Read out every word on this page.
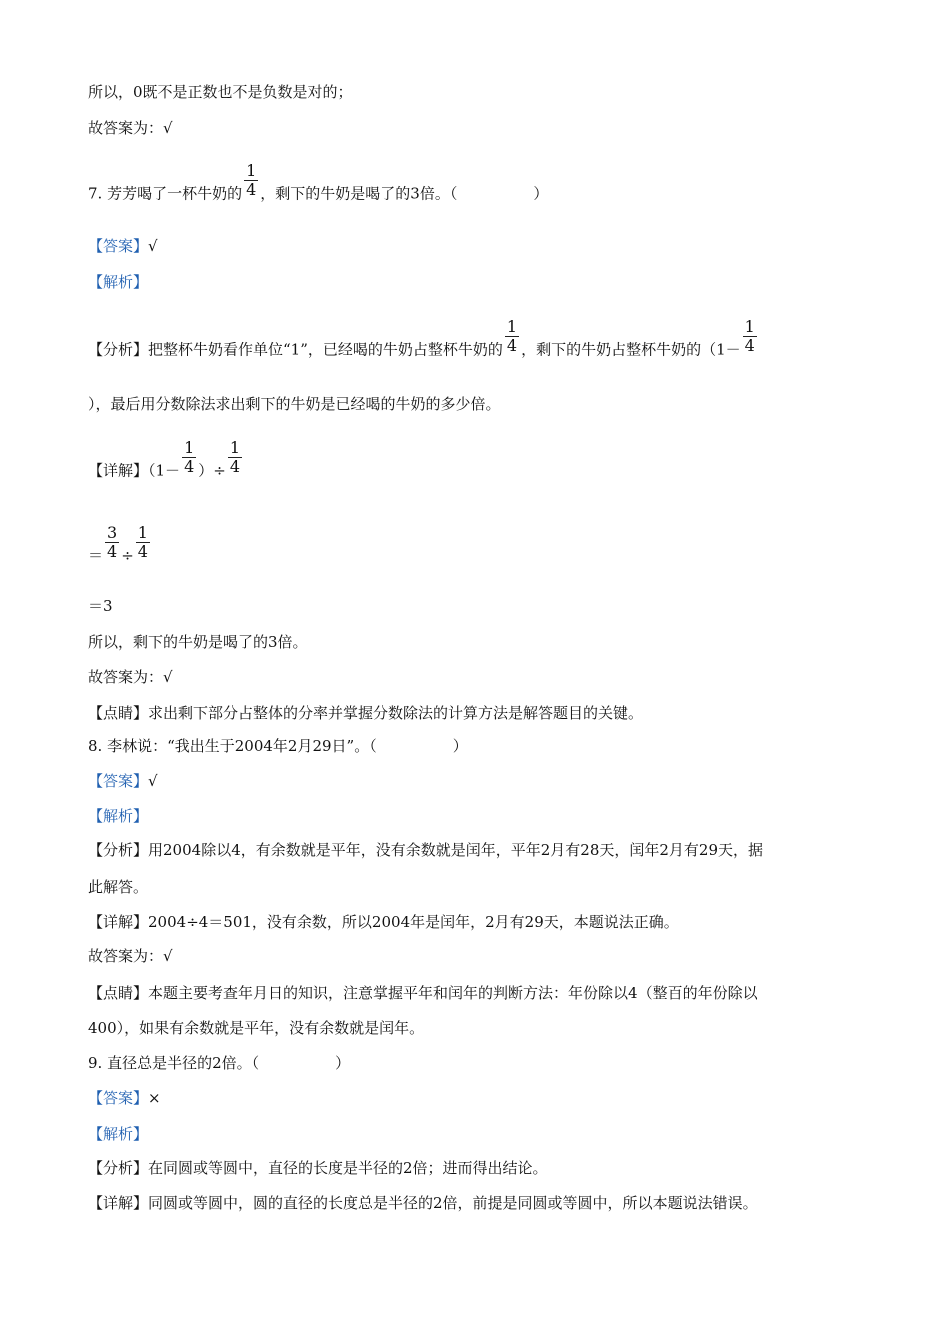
所以，0既不是正数也不是负数是对的；
故答案为：√
7. 芳芳喝了一杯牛奶的 $\frac{1}{4}$ ，剩下的牛奶是喝了的3倍。（	）
【答案】√
【解析】
【分析】把整杯牛奶看作单位“1”，已经喝的牛奶占整杯牛奶的 $\frac{1}{4}$ ，剩下的牛奶占整杯牛奶的（$1- \frac{1}{4}$
），最后用分数除法求出剩下的牛奶是已经喝的牛奶的多少倍。
【详解】（$1- \frac{1}{4}$ ）÷ $\frac{1}{4}$
＝ $\frac{3}{4} \div \frac{1}{4}$
＝3
所以，剩下的牛奶是喝了的3倍。
故答案为：√
【点睛】求出剩下部分占整体的分率并掌握分数除法的计算方法是解答题目的关键。
8. 李林说：“我出生于2004年2月29日”。（	）
【答案】√
【解析】
【分析】用2004除以4，有余数就是平年，没有余数就是闰年，平年2月有28天，闰年2月有29天，据
此解答。
【详解】2004÷4＝501，没有余数，所以2004年是闰年，2月有29天，本题说法正确。
故答案为：√
【点睛】本题主要考查年月日的知识，注意掌握平年和闰年的判断方法：年份除以4（整百的年份除以
400），如果有余数就是平年，没有余数就是闰年。
9. 直径总是半径的2倍。（	）
【答案】×
【解析】
【分析】在同圆或等圆中，直径的长度是半径的2倍；进而得出结论。
【详解】同圆或等圆中，圆的直径的长度总是半径的2倍，前提是同圆或等圆中，所以本题说法错误。
